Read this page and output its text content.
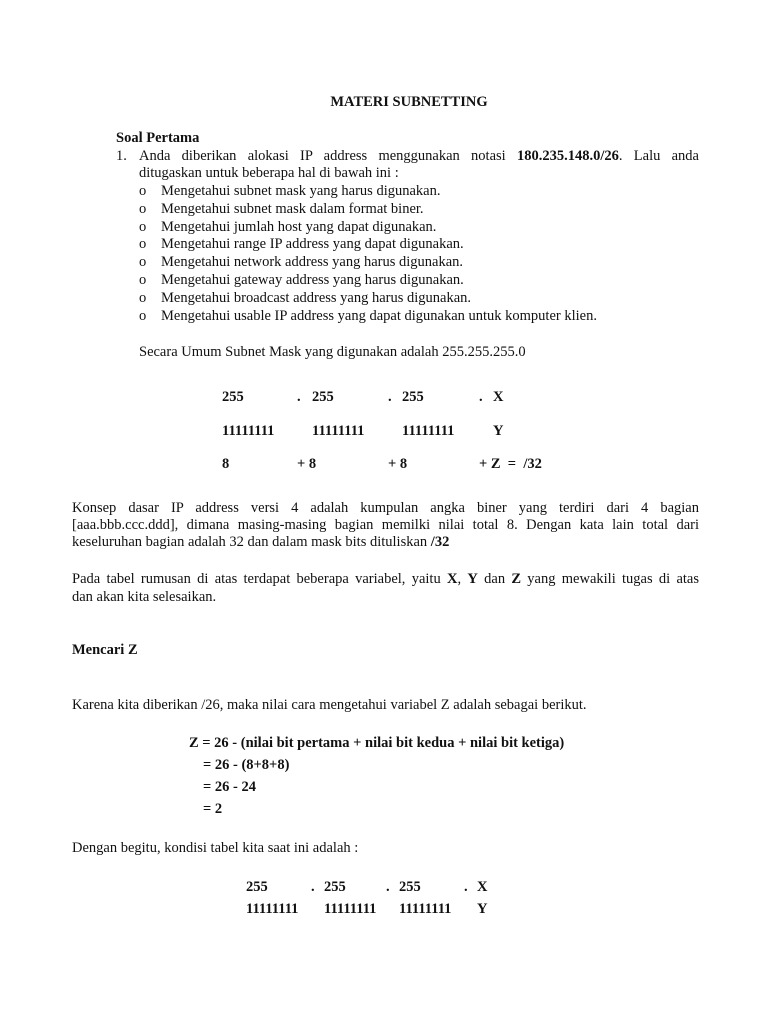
MATERI SUBNETTING
Soal Pertama
1. Anda diberikan alokasi IP address menggunakan notasi 180.235.148.0/26. Lalu anda
ditugaskan untuk beberapa hal di bawah ini :
o Mengetahui subnet mask yang harus digunakan.
o Mengetahui subnet mask dalam format biner.
o Mengetahui jumlah host yang dapat digunakan.
o Mengetahui range IP address yang dapat digunakan.
o Mengetahui network address yang harus digunakan.
o Mengetahui gateway address yang harus digunakan.
o Mengetahui broadcast address yang harus digunakan.
o Mengetahui usable IP address yang dapat digunakan untuk komputer klien.
Secara Umum Subnet Mask yang digunakan adalah 255.255.255.0
255	. 255	. 255	. X
11111111	11111111	11111111	Y
8	+ 8	+ 8	+ Z  =  /32
Konsep dasar IP address versi 4 adalah kumpulan angka biner yang terdiri dari 4 bagian
[aaa.bbb.ccc.ddd], dimana masing-masing bagian memilki nilai total 8. Dengan kata lain total dari
keseluruhan bagian adalah 32 dan dalam mask bits dituliskan /32
Pada tabel rumusan di atas terdapat beberapa variabel, yaitu X, Y dan Z yang mewakili tugas di atas
dan akan kita selesaikan.
Mencari Z
Karena kita diberikan /26, maka nilai cara mengetahui variabel Z adalah sebagai berikut.
Z = 26 - (nilai bit pertama + nilai bit kedua + nilai bit ketiga)
= 26 - (8+8+8)
= 26 - 24
= 2
Dengan begitu, kondisi tabel kita saat ini adalah :
255	. 255	. 255	. X
11111111 11111111 11111111 Y
